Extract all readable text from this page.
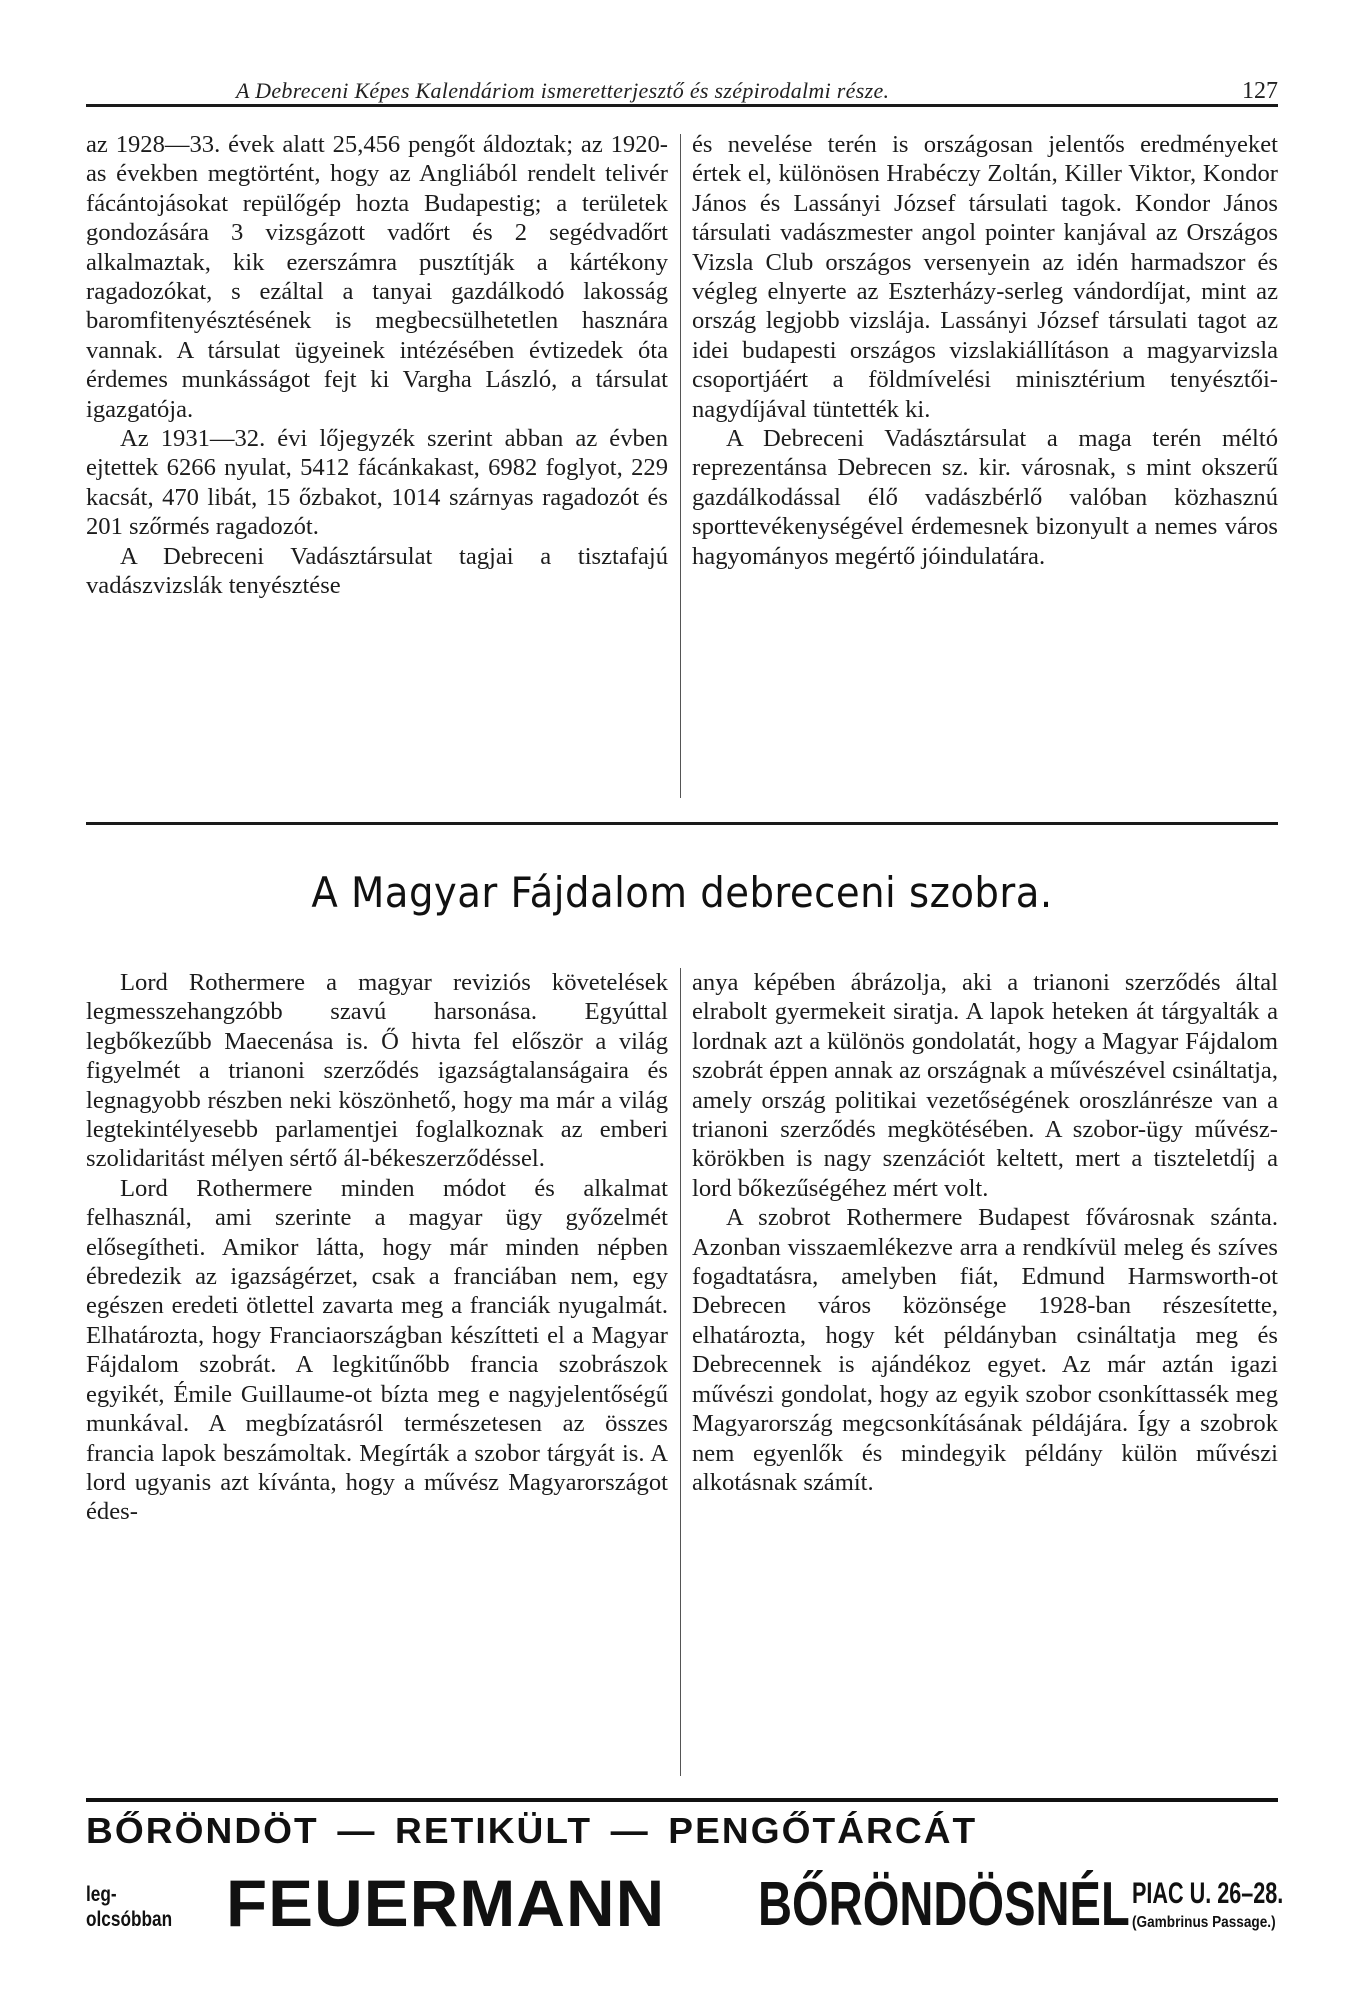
A Debreceni Képes Kalendáriom ismeretterjesztő és szépirodalmi része.	127

az 1928—33. évek alatt 25,456 pengőt áldoztak; az 1920-as években megtörtént, hogy az Angliából rendelt telivér fácántojásokat repülőgép hozta Budapestig; a területek gondozására 3 vizsgázott vadőrt és 2 segédvadőrt alkalmaztak, kik ezerszámra pusztítják a kártékony ragadozókat, s ezáltal a tanyai gazdálkodó lakosság baromfitenyésztésének is megbecsülhetetlen hasznára vannak. A társulat ügyeinek intézésében évtizedek óta érdemes munkásságot fejt ki Vargha László, a társulat igazgatója.

Az 1931—32. évi lőjegyzék szerint abban az évben ejtettek 6266 nyulat, 5412 fácánkakast, 6982 foglyot, 229 kacsát, 470 libát, 15 őzbakot, 1014 szárnyas ragadozót és 201 szőrmés ragadozót.

A Debreceni Vadásztársulat tagjai a tisztafajú vadászvizslák tenyésztése

és nevelése terén is országosan jelentős eredményeket értek el, különösen Hrabéczy Zoltán, Killer Viktor, Kondor János és Lassányi József társulati tagok. Kondor János társulati vadászmester angol pointer kanjával az Országos Vizsla Club országos versenyein az idén harmadszor és végleg elnyerte az Eszterházy-serleg vándordíjat, mint az ország legjobb vizslája. Lassányi József társulati tagot az idei budapesti országos vizslakiállításon a magyarvizsla csoportjáért a földmívelési minisztérium tenyésztői-nagydíjával tüntették ki.

A Debreceni Vadásztársulat a maga terén méltó reprezentánsa Debrecen sz. kir. városnak, s mint okszerű gazdálkodással élő vadászbérlő valóban közhasznú sporttevékenységével érdemesnek bizonyult a nemes város hagyományos megértő jóindulatára.

A Magyar Fájdalom debreceni szobra.

Lord Rothermere a magyar reviziós követelések legmesszehangzóbb szavú harsonása. Egyúttal legbőkezűbb Maecenása is. Ő hivta fel először a világ figyelmét a trianoni szerződés igazságtalanságaira és legnagyobb részben neki köszönhető, hogy ma már a világ legtekintélyesebb parlamentjei foglalkoznak az emberi szolidaritást mélyen sértő ál-békeszerződéssel.

Lord Rothermere minden módot és alkalmat felhasznál, ami szerinte a magyar ügy győzelmét elősegítheti. Amikor látta, hogy már minden népben ébredezik az igazságérzet, csak a franciában nem, egy egészen eredeti ötlettel zavarta meg a franciák nyugalmát. Elhatározta, hogy Franciaországban készítteti el a Magyar Fájdalom szobrát. A legkitűnőbb francia szobrászok egyikét, Émile Guillaume-ot bízta meg e nagyjelentőségű munkával. A megbízatásról természetesen az összes francia lapok beszámoltak. Megírták a szobor tárgyát is. A lord ugyanis azt kívánta, hogy a művész Magyarországot édes-

anya képében ábrázolja, aki a trianoni szerződés által elrabolt gyermekeit siratja. A lapok heteken át tárgyalták a lordnak azt a különös gondolatát, hogy a Magyar Fájdalom szobrát éppen annak az országnak a művészével csináltatja, amely ország politikai vezetőségének oroszlánrésze van a trianoni szerződés megkötésében. A szobor-ügy művész-körökben is nagy szenzációt keltett, mert a tiszteletdíj a lord bőkezűségéhez mért volt.

A szobrot Rothermere Budapest fővárosnak szánta. Azonban visszaemlékezve arra a rendkívül meleg és szíves fogadtatásra, amelyben fiát, Edmund Harmsworth-ot Debrecen város közönsége 1928-ban részesítette, elhatározta, hogy két példányban csináltatja meg és Debrecennek is ajándékoz egyet. Az már aztán igazi művészi gondolat, hogy az egyik szobor csonkíttassék meg Magyarország megcsonkításának példájára. Így a szobrok nem egyenlők és mindegyik példány külön művészi alkotásnak számít.

BŐRÖNDÖT — RETIKÜLT — PENGŐTÁRCÁT
leg-
olcsóbban FEUERMANN BŐRÖNDÖSNÉL PIAC U. 26–28.
(Gambrinus Passage.)
